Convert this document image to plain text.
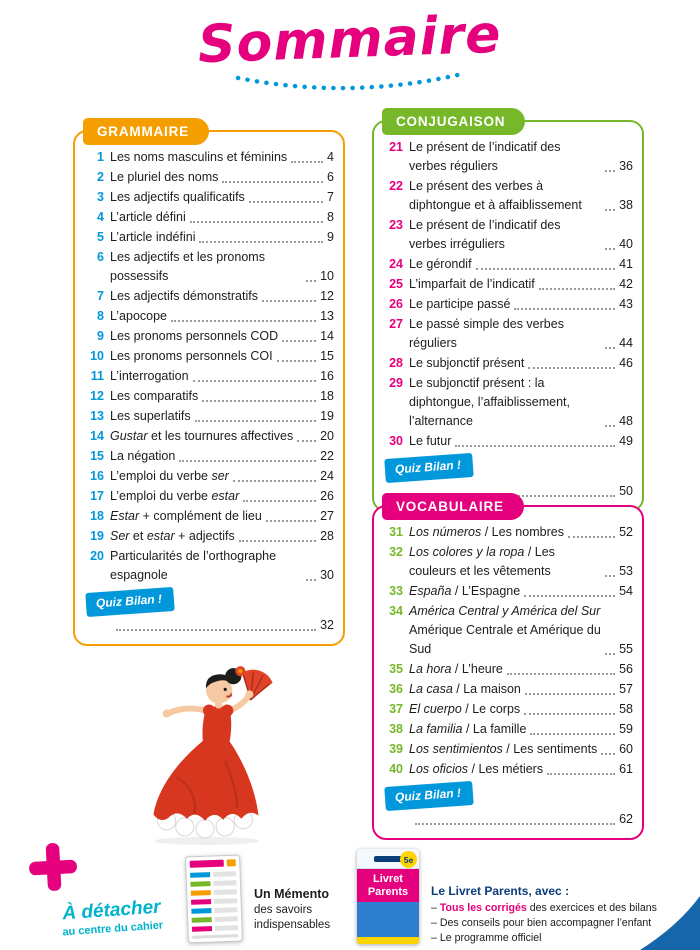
Sommaire
GRAMMAIRE
1 Les noms masculins et féminins	4
2 Le pluriel des noms	6
3 Les adjectifs qualificatifs	7
4 L’article défini	8
5 L’article indéfini	9
6 Les adjectifs et les pronoms possessifs	10
7 Les adjectifs démonstratifs	12
8 L’apocope	13
9 Les pronoms personnels COD	14
10 Les pronoms personnels COI	15
11 L’interrogation	16
12 Les comparatifs	18
13 Les superlatifs	19
14 Gustar et les tournures affectives 20
15 La négation	22
16 L’emploi du verbe ser	24
17 L’emploi du verbe estar	26
18 Estar + complément de lieu	27
19 Ser et estar + adjectifs	28
20 Particularités de l’orthographe espagnole	30
Quiz Bilan !
32
CONJUGAISON
21 Le présent de l’indicatif des verbes réguliers	36
22 Le présent des verbes à diphtongue et à affaiblissement	38
23 Le présent de l’indicatif des verbes irréguliers	40
24 Le gérondif	41
25 L’imparfait de l’indicatif	42
26 Le participe passé	43
27 Le passé simple des verbes réguliers	44
28 Le subjonctif présent	46
29 Le subjonctif présent : la diphtongue, l’affaiblissement, l’alternance	48
30 Le futur	49
Quiz Bilan !
50
VOCABULAIRE
31 Los números / Les nombres	52
32 Los colores y la ropa / Les couleurs et les vêtements	53
33 España / L’Espagne	54
34 América Central y América del Sur Amérique Centrale et Amérique du Sud	55
35 La hora / L’heure	56
36 La casa / La maison	57
37 El cuerpo / Le corps	58
38 La familia / La famille	59
39 Los sentimientos / Les sentiments 60
40 Los oficios / Les métiers	61
Quiz Bilan !
62
À détacher
au centre du cahier
Un Mémento
des savoirs indispensables
Livret
Parents
5e
Le Livret Parents, avec :
– Tous les corrigés des exercices et des bilans
– Des conseils pour bien accompagner l’enfant
– Le programme officiel
